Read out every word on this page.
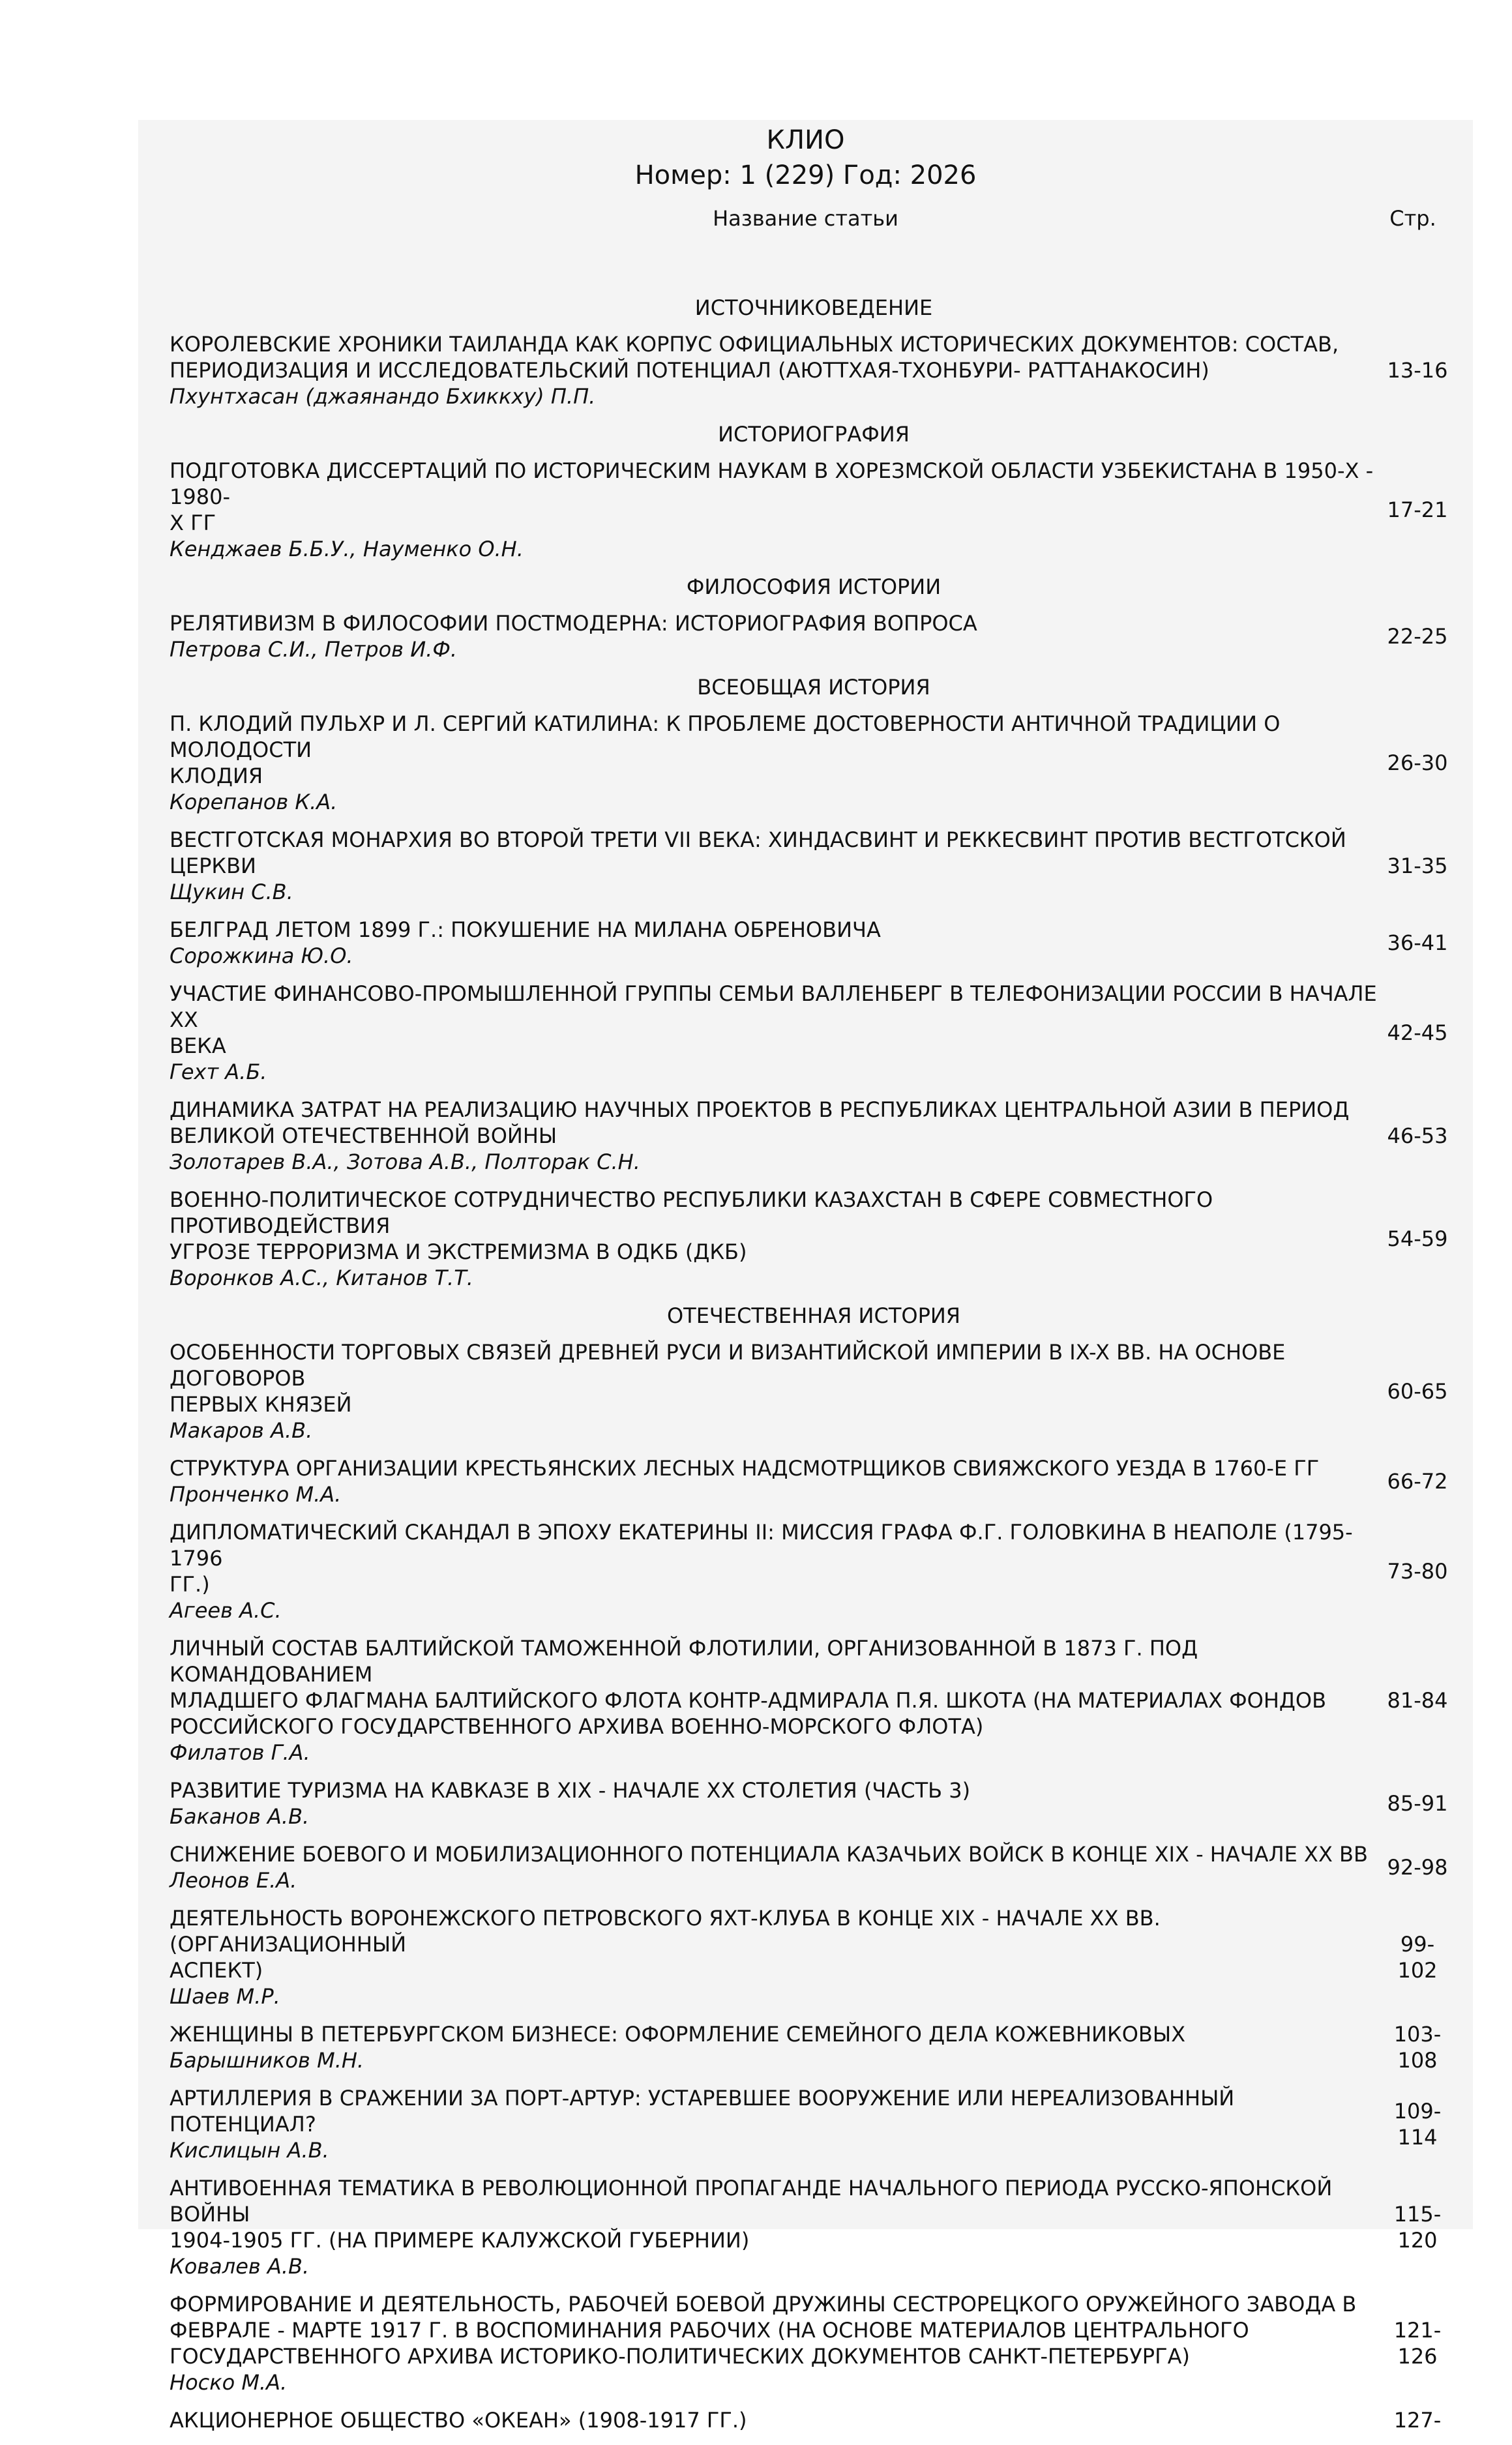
КЛИО
Номер: 1 (229) Год: 2026
Название статьи	Стр.
ИСТОЧНИКОВЕДЕНИЕ
КОРОЛЕВСКИЕ ХРОНИКИ ТАИЛАНДА КАК КОРПУС ОФИЦИАЛЬНЫХ ИСТОРИЧЕСКИХ ДОКУМЕНТОВ: СОСТАВ,
ПЕРИОДИЗАЦИЯ И ИССЛЕДОВАТЕЛЬСКИЙ ПОТЕНЦИАЛ (АЮТТХАЯ-ТХОНБУРИ- РАТТАНАКОСИН)
Пхунтхасан (джаянандо Бхиккху) П.П.
13-16
ИСТОРИОГРАФИЯ
ПОДГОТОВКА ДИССЕРТАЦИЙ ПО ИСТОРИЧЕСКИМ НАУКАМ В ХОРЕЗМСКОЙ ОБЛАСТИ УЗБЕКИСТАНА В 1950-Х - 1980-
Х ГГ
Кенджаев Б.Б.У., Науменко О.Н.
17-21
ФИЛОСОФИЯ ИСТОРИИ
РЕЛЯТИВИЗМ В ФИЛОСОФИИ ПОСТМОДЕРНА: ИСТОРИОГРАФИЯ ВОПРОСА
Петрова С.И., Петров И.Ф.
22-25
ВСЕОБЩАЯ ИСТОРИЯ
П. КЛОДИЙ ПУЛЬХР И Л. СЕРГИЙ КАТИЛИНА: К ПРОБЛЕМЕ ДОСТОВЕРНОСТИ АНТИЧНОЙ ТРАДИЦИИ О МОЛОДОСТИ
КЛОДИЯ
Корепанов К.А.
26-30
ВЕСТГОТСКАЯ МОНАРХИЯ ВО ВТОРОЙ ТРЕТИ VII ВЕКА: ХИНДАСВИНТ И РЕККЕСВИНТ ПРОТИВ ВЕСТГОТСКОЙ ЦЕРКВИ
Щукин С.В.
31-35
БЕЛГРАД ЛЕТОМ 1899 Г.: ПОКУШЕНИЕ НА МИЛАНА ОБРЕНОВИЧА
Сорожкина Ю.О.
36-41
УЧАСТИЕ ФИНАНСОВО-ПРОМЫШЛЕННОЙ ГРУППЫ СЕМЬИ ВАЛЛЕНБЕРГ В ТЕЛЕФОНИЗАЦИИ РОССИИ В НАЧАЛЕ ХХ
ВЕКА
Гехт А.Б.
42-45
ДИНАМИКА ЗАТРАТ НА РЕАЛИЗАЦИЮ НАУЧНЫХ ПРОЕКТОВ В РЕСПУБЛИКАХ ЦЕНТРАЛЬНОЙ АЗИИ В ПЕРИОД
ВЕЛИКОЙ ОТЕЧЕСТВЕННОЙ ВОЙНЫ
Золотарев В.А., Зотова А.В., Полторак С.Н.
46-53
ВОЕННО-ПОЛИТИЧЕСКОЕ СОТРУДНИЧЕСТВО РЕСПУБЛИКИ КАЗАХСТАН В СФЕРЕ СОВМЕСТНОГО ПРОТИВОДЕЙСТВИЯ
УГРОЗЕ ТЕРРОРИЗМА И ЭКСТРЕМИЗМА В ОДКБ (ДКБ)
Воронков А.С., Китанов Т.Т.
54-59
ОТЕЧЕСТВЕННАЯ ИСТОРИЯ
ОСОБЕННОСТИ ТОРГОВЫХ СВЯЗЕЙ ДРЕВНЕЙ РУСИ И ВИЗАНТИЙСКОЙ ИМПЕРИИ В IX-X ВВ. НА ОСНОВЕ ДОГОВОРОВ
ПЕРВЫХ КНЯЗЕЙ
Макаров А.В.
60-65
СТРУКТУРА ОРГАНИЗАЦИИ КРЕСТЬЯНСКИХ ЛЕСНЫХ НАДСМОТРЩИКОВ СВИЯЖСКОГО УЕЗДА В 1760-Е ГГ
Пронченко М.А.
66-72
ДИПЛОМАТИЧЕСКИЙ СКАНДАЛ В ЭПОХУ ЕКАТЕРИНЫ II: МИССИЯ ГРАФА Ф.Г. ГОЛОВКИНА В НЕАПОЛЕ (1795-1796
ГГ.)
Агеев А.С.
73-80
ЛИЧНЫЙ СОСТАВ БАЛТИЙСКОЙ ТАМОЖЕННОЙ ФЛОТИЛИИ, ОРГАНИЗОВАННОЙ В 1873 Г. ПОД КОМАНДОВАНИЕМ
МЛАДШЕГО ФЛАГМАНА БАЛТИЙСКОГО ФЛОТА КОНТР-АДМИРАЛА П.Я. ШКОТА (НА МАТЕРИАЛАХ ФОНДОВ
РОССИЙСКОГО ГОСУДАРСТВЕННОГО АРХИВА ВОЕННО-МОРСКОГО ФЛОТА)
Филатов Г.А.
81-84
РАЗВИТИЕ ТУРИЗМА НА КАВКАЗЕ В XIX - НАЧАЛЕ XX СТОЛЕТИЯ (ЧАСТЬ 3)
Баканов А.В.
85-91
СНИЖЕНИЕ БОЕВОГО И МОБИЛИЗАЦИОННОГО ПОТЕНЦИАЛА КАЗАЧЬИХ ВОЙСК В КОНЦЕ XIX - НАЧАЛЕ ХХ ВВ
Леонов Е.А.
92-98
ДЕЯТЕЛЬНОСТЬ ВОРОНЕЖСКОГО ПЕТРОВСКОГО ЯХТ-КЛУБА В КОНЦЕ XIX - НАЧАЛЕ ХХ ВВ. (ОРГАНИЗАЦИОННЫЙ
АСПЕКТ)
Шаев М.Р.
99-
102
ЖЕНЩИНЫ В ПЕТЕРБУРГСКОМ БИЗНЕСЕ: ОФОРМЛЕНИЕ СЕМЕЙНОГО ДЕЛА КОЖЕВНИКОВЫХ
Барышников М.Н.
103-
108
АРТИЛЛЕРИЯ В СРАЖЕНИИ ЗА ПОРТ-АРТУР: УСТАРЕВШЕЕ ВООРУЖЕНИЕ ИЛИ НЕРЕАЛИЗОВАННЫЙ ПОТЕНЦИАЛ?
Кислицын А.В.
109-
114
АНТИВОЕННАЯ ТЕМАТИКА В РЕВОЛЮЦИОННОЙ ПРОПАГАНДЕ НАЧАЛЬНОГО ПЕРИОДА РУССКО-ЯПОНСКОЙ ВОЙНЫ
1904-1905 ГГ. (НА ПРИМЕРЕ КАЛУЖСКОЙ ГУБЕРНИИ)
Ковалев А.В.
115-
120
ФОРМИРОВАНИЕ И ДЕЯТЕЛЬНОСТЬ, РАБОЧЕЙ БОЕВОЙ ДРУЖИНЫ СЕСТРОРЕЦКОГО ОРУЖЕЙНОГО ЗАВОДА В
ФЕВРАЛЕ - МАРТЕ 1917 Г. В ВОСПОМИНАНИЯ РАБОЧИХ (НА ОСНОВЕ МАТЕРИАЛОВ ЦЕНТРАЛЬНОГО
ГОСУДАРСТВЕННОГО АРХИВА ИСТОРИКО-ПОЛИТИЧЕСКИХ ДОКУМЕНТОВ САНКТ-ПЕТЕРБУРГА)
Носко М.А.
121-
126
АКЦИОНЕРНОЕ ОБЩЕСТВО «ОКЕАН» (1908-1917 ГГ.)	127-
